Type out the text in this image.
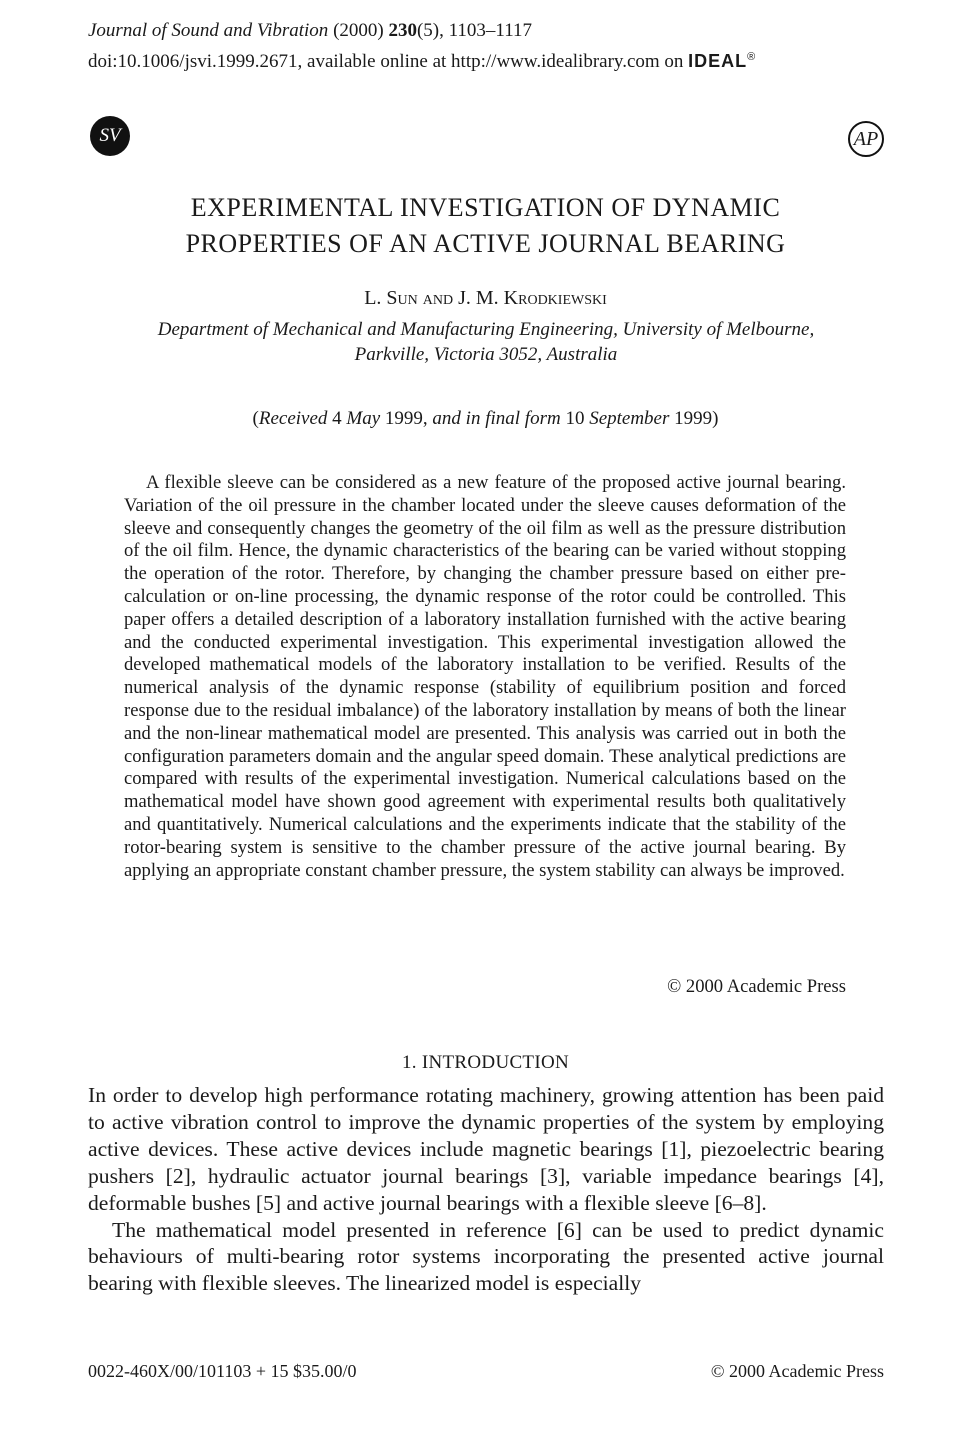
Journal of Sound and Vibration (2000) 230(5), 1103–1117
doi:10.1006/jsvi.1999.2671, available online at http://www.idealibrary.com on IDEAL®
SV	AP
EXPERIMENTAL INVESTIGATION OF DYNAMIC
PROPERTIES OF AN ACTIVE JOURNAL BEARING
L. Sun and J. M. Krodkiewski
Department of Mechanical and Manufacturing Engineering, University of Melbourne,
Parkville, Victoria 3052, Australia
(Received 4 May 1999, and in final form 10 September 1999)

A flexible sleeve can be considered as a new feature of the proposed active journal bearing. Variation of the oil pressure in the chamber located under the sleeve causes deformation of the sleeve and consequently changes the geometry of the oil film as well as the pressure distribution of the oil film. Hence, the dynamic characteristics of the bearing can be varied without stopping the operation of the rotor. Therefore, by changing the chamber pressure based on either pre-calculation or on-line processing, the dynamic response of the rotor could be controlled. This paper offers a detailed description of a laboratory installation furnished with the active bearing and the conducted experimental investigation. This experimental investigation allowed the developed mathematical models of the laboratory installation to be verified. Results of the numerical analysis of the dynamic response (stability of equilibrium position and forced response due to the residual imbalance) of the laboratory installation by means of both the linear and the non-linear mathematical model are presented. This analysis was carried out in both the configuration parameters domain and the angular speed domain. These analytical predictions are compared with results of the experimental investigation. Numerical calculations based on the mathematical model have shown good agreement with experimental results both qualitatively and quantitatively. Numerical calculations and the experiments indicate that the stability of the rotor-bearing system is sensitive to the chamber pressure of the active journal bearing. By applying an appropriate constant chamber pressure, the system stability can always be improved.

© 2000 Academic Press
1. INTRODUCTION

In order to develop high performance rotating machinery, growing attention has been paid to active vibration control to improve the dynamic properties of the system by employing active devices. These active devices include magnetic bearings [1], piezoelectric bearing pushers [2], hydraulic actuator journal bearings [3], variable impedance bearings [4], deformable bushes [5] and active journal bearings with a flexible sleeve [6–8].

The mathematical model presented in reference [6] can be used to predict dynamic behaviours of multi-bearing rotor systems incorporating the presented active journal bearing with flexible sleeves. The linearized model is especially

0022-460X/00/101103 + 15 $35.00/0	© 2000 Academic Press
